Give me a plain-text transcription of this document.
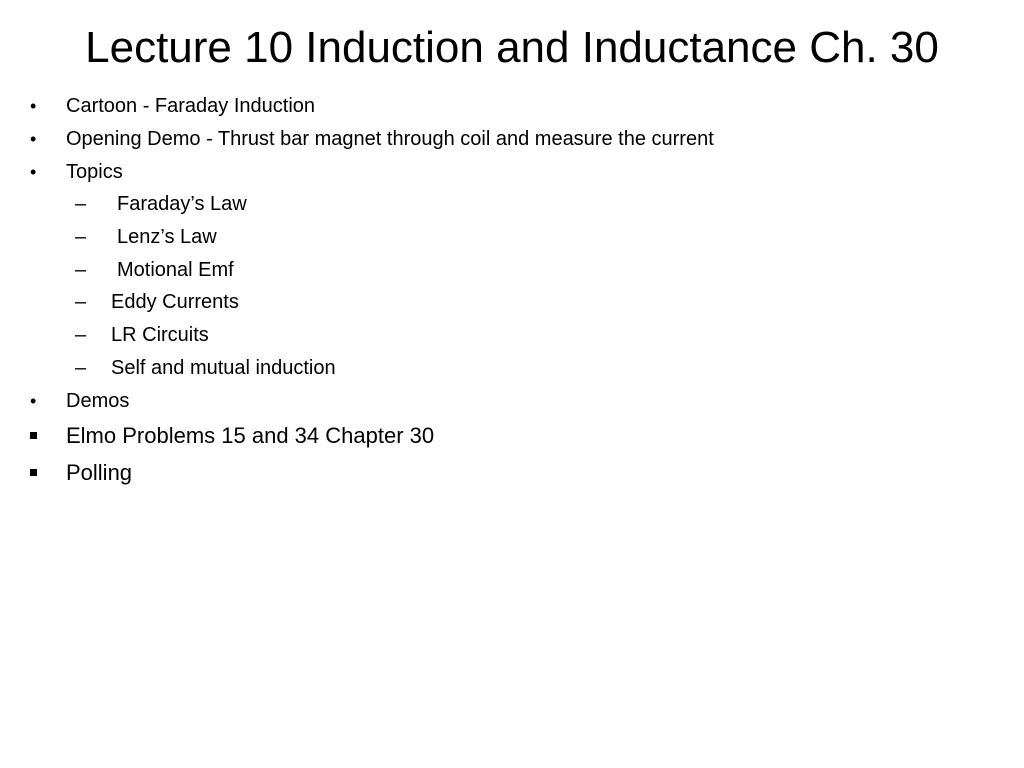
Lecture 10 Induction and Inductance Ch. 30
• Cartoon - Faraday Induction
• Opening Demo - Thrust bar magnet through coil and measure the current
• Topics
– Faraday’s Law
– Lenz’s Law
– Motional Emf
– Eddy Currents
– LR Circuits
– Self and mutual induction
• Demos
Elmo Problems 15 and 34 Chapter 30
Polling
